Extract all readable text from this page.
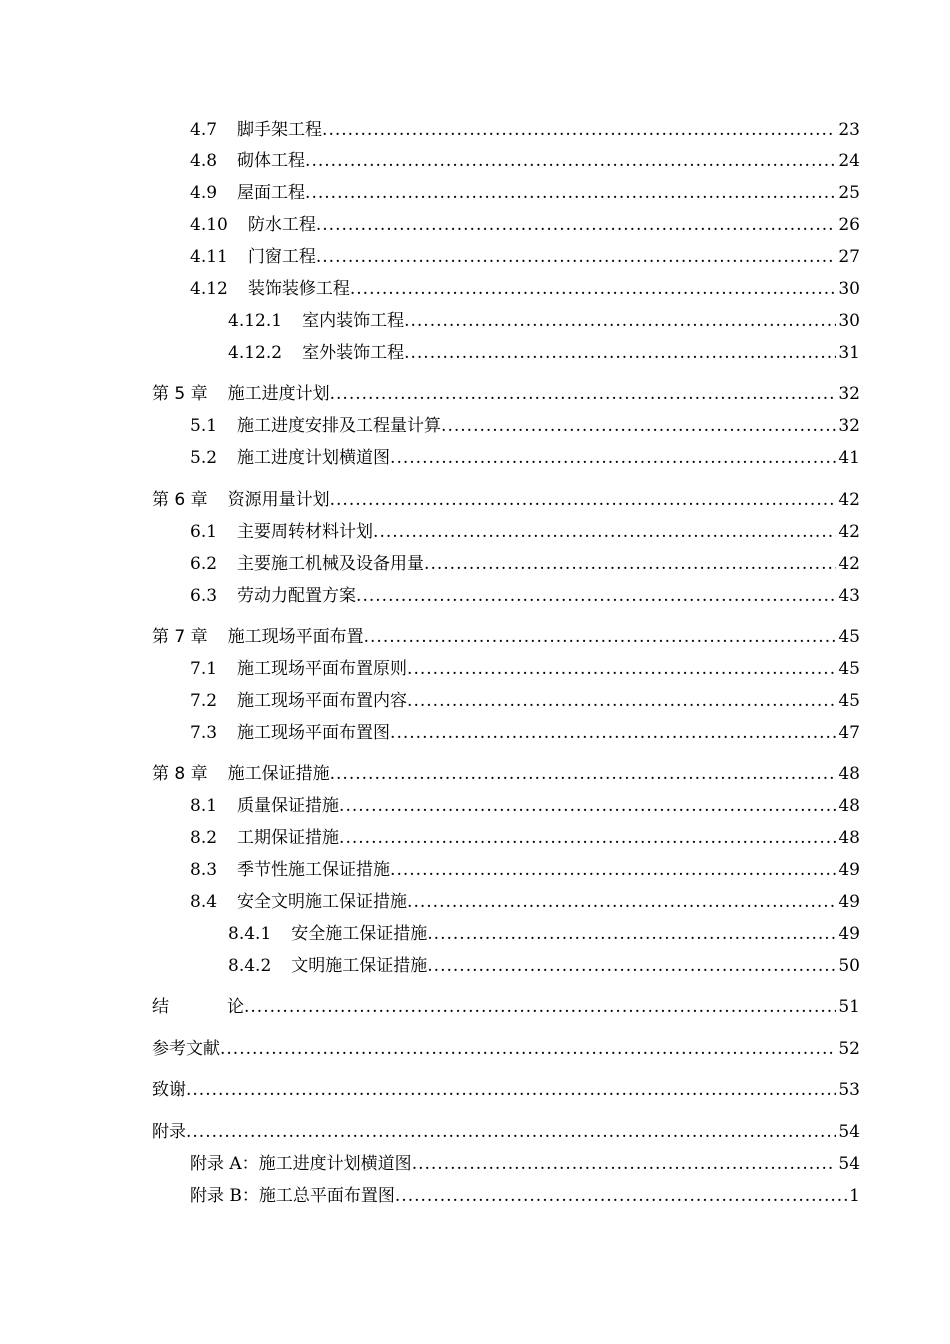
4.7 脚手架工程 .....	23
4.8 砌体工程 .....	24
4.9 屋面工程 .....	25
4.10 防水工程 .....	26
4.11 门窗工程 .....	27
4.12 装饰装修工程 .....	30
4.12.1 室内装饰工程 .....	30
4.12.2 室外装饰工程 .....	31
第 5 章 施工进度计划 .....	32
5.1 施工进度安排及工程量计算 .....	32
5.2 施工进度计划横道图 .....	41
第 6 章 资源用量计划 .....	42
6.1 主要周转材料计划 .....	42
6.2 主要施工机械及设备用量 .....	42
6.3 劳动力配置方案 .....	43
第 7 章 施工现场平面布置 .....	45
7.1 施工现场平面布置原则 .....	45
7.2 施工现场平面布置内容 .....	45
7.3 施工现场平面布置图 .....	47
第 8 章 施工保证措施 .....	48
8.1 质量保证措施 .....	48
8.2 工期保证措施 .....	48
8.3 季节性施工保证措施 .....	49
8.4 安全文明施工保证措施 .....	49
8.4.1 安全施工保证措施 .....	49
8.4.2 文明施工保证措施 .....	50
结	论 .....	51
参考文献 .....	52
致谢 .....	53
附录 .....	54
附录 A：施工进度计划横道图 .....	54
附录 B：施工总平面布置图 .....	1
